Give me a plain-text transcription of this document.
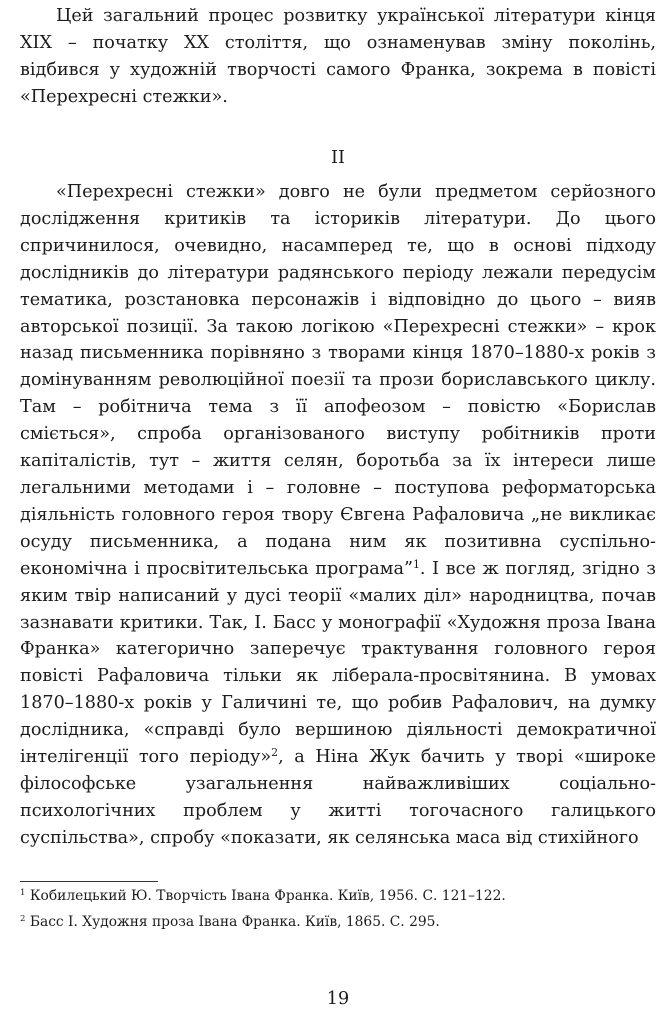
Цей загальний процес розвитку української літератури кінця XIX – початку XX століття, що ознаменував зміну поколінь, відбився у художній творчості самого Франка, зокрема в повісті «Перехресні стежки».

II

«Перехресні стежки» довго не були предметом серйозного дослідження критиків та істориків літератури. До цього спричинилося, очевидно, насамперед те, що в основі підходу дослідників до літератури радянського періоду лежали передусім тематика, розстановка персонажів і відповідно до цього – вияв авторської позиції. За такою логікою «Перехресні стежки» – крок назад письменника порівняно з творами кінця 1870–1880-х років з домінуванням революційної поезії та прози бориславського циклу. Там – робітнича тема з її апофеозом – повістю «Борислав сміється», спроба організованого виступу робітників проти капіталістів, тут – життя селян, боротьба за їх інтереси лише легальними методами і – головне – поступова реформаторська діяльність головного героя твору Євгена Рафаловича „не викликає осуду письменника, а подана ним як позитивна суспільно-економічна і просвітительська програма”$^1$. І все ж погляд, згідно з яким твір написаний у дусі теорії «малих діл» народництва, почав зазнавати критики. Так, І. Басс у монографії «Художня проза Івана Франка» категорично заперечує трактування головного героя повісті Рафаловича тільки як ліберала-просвітянина. В умовах 1870–1880-х років у Галичині те, що робив Рафалович, на думку дослідника, «справді було вершиною діяльності демократичної інтелігенції того періоду»$^2$, а Ніна Жук бачить у творі «широке філософське узагальнення найважливіших соціально-психологічних проблем у житті тогочасного галицького суспільства», спробу «показати, як селянська маса від стихійного

$^1$ Кобилецький Ю. Творчість Івана Франка. Київ, 1956. С. 121–122.

$^2$ Басс І. Художня проза Івана Франка. Київ, 1865. С. 295.

19
